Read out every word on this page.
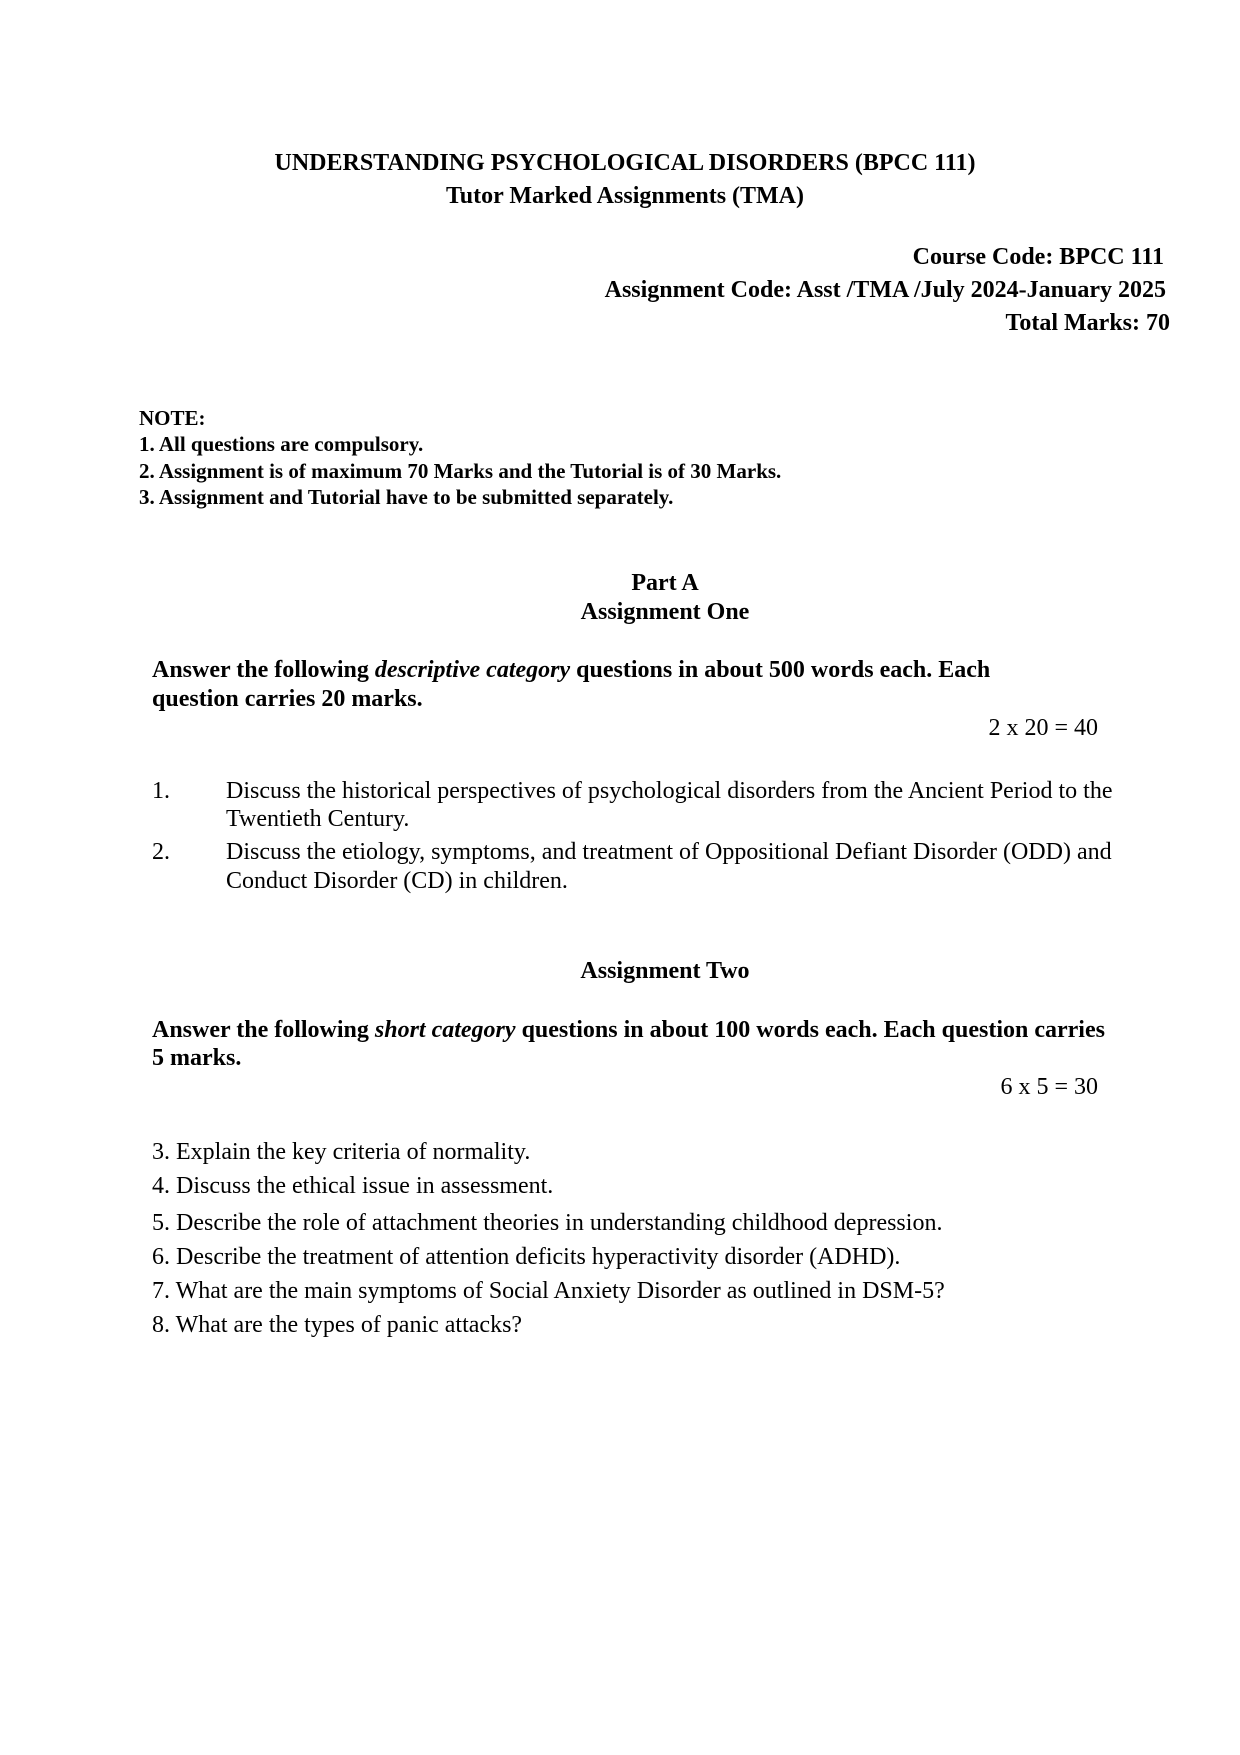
UNDERSTANDING PSYCHOLOGICAL DISORDERS (BPCC 111)
Tutor Marked Assignments (TMA)
Course Code: BPCC 111
Assignment Code: Asst /TMA /July 2024-January 2025
Total Marks: 70
NOTE:
1. All questions are compulsory.
2. Assignment is of maximum 70 Marks and the Tutorial is of 30 Marks.
3. Assignment and Tutorial have to be submitted separately.
Part A
Assignment One
Answer the following descriptive category questions in about 500 words each. Each
question carries 20 marks.
2 x 20 = 40
1. Discuss the historical perspectives of psychological disorders from the Ancient Period to the
Twentieth Century.
2. Discuss the etiology, symptoms, and treatment of Oppositional Defiant Disorder (ODD) and
Conduct Disorder (CD) in children.
Assignment Two
Answer the following short category questions in about 100 words each. Each question carries
5 marks.
6 x 5 = 30
3. Explain the key criteria of normality.
4. Discuss the ethical issue in assessment.
5. Describe the role of attachment theories in understanding childhood depression.
6. Describe the treatment of attention deficits hyperactivity disorder (ADHD).
7. What are the main symptoms of Social Anxiety Disorder as outlined in DSM-5?
8. What are the types of panic attacks?
